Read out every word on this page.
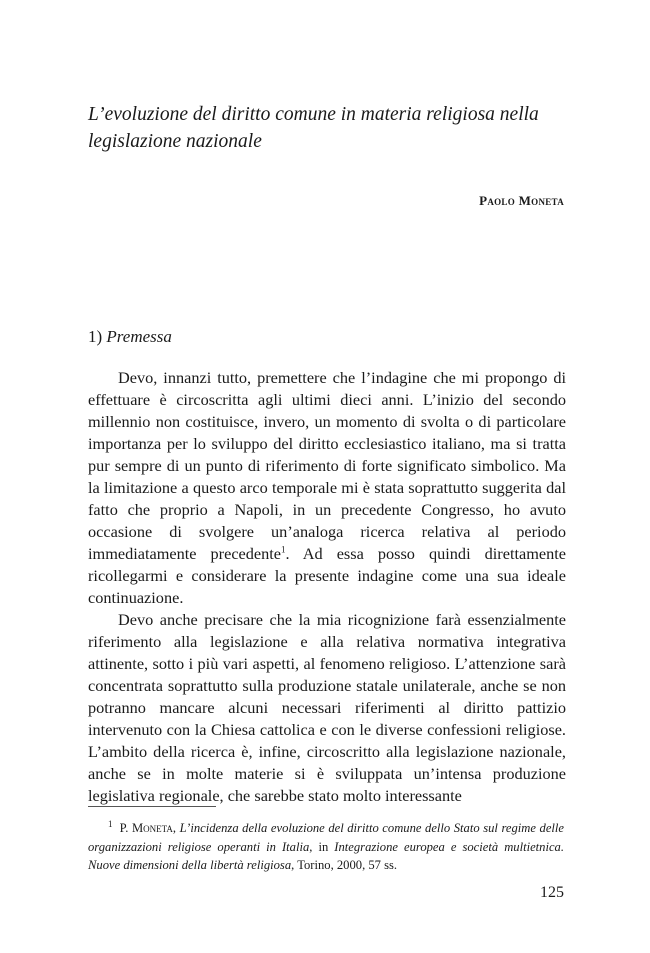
L’evoluzione del diritto comune in materia religiosa nella legislazione nazionale
Paolo Moneta
1) Premessa

Devo, innanzi tutto, premettere che l’indagine che mi propongo di effettuare è circoscritta agli ultimi dieci anni. L’inizio del secondo millennio non costituisce, invero, un momento di svolta o di particolare importanza per lo sviluppo del diritto ecclesiastico italiano, ma si tratta pur sempre di un punto di riferimento di forte significato simbolico. Ma la limitazione a questo arco temporale mi è stata soprattutto suggerita dal fatto che proprio a Napoli, in un precedente Congresso, ho avuto occasione di svolgere un’analoga ricerca relativa al periodo immediatamente precedente$^1$. Ad essa posso quindi direttamente ricollegarmi e considerare la presente indagine come una sua ideale continuazione.

Devo anche precisare che la mia ricognizione farà essenzialmente riferimento alla legislazione e alla relativa normativa integrativa attinente, sotto i più vari aspetti, al fenomeno religioso. L’attenzione sarà concentrata soprattutto sulla produzione statale unilaterale, anche se non potranno mancare alcuni necessari riferimenti al diritto pattizio intervenuto con la Chiesa cattolica e con le diverse confessioni religiose. L’ambito della ricerca è, infine, circoscritto alla legislazione nazionale, anche se in molte materie si è sviluppata un’intensa produzione legislativa regionale, che sarebbe stato molto interessante

$^1$ P. Moneta, L’incidenza della evoluzione del diritto comune dello Stato sul regime delle organizzazioni religiose operanti in Italia, in Integrazione europea e società multietnica. Nuove dimensioni della libertà religiosa, Torino, 2000, 57 ss.

125
